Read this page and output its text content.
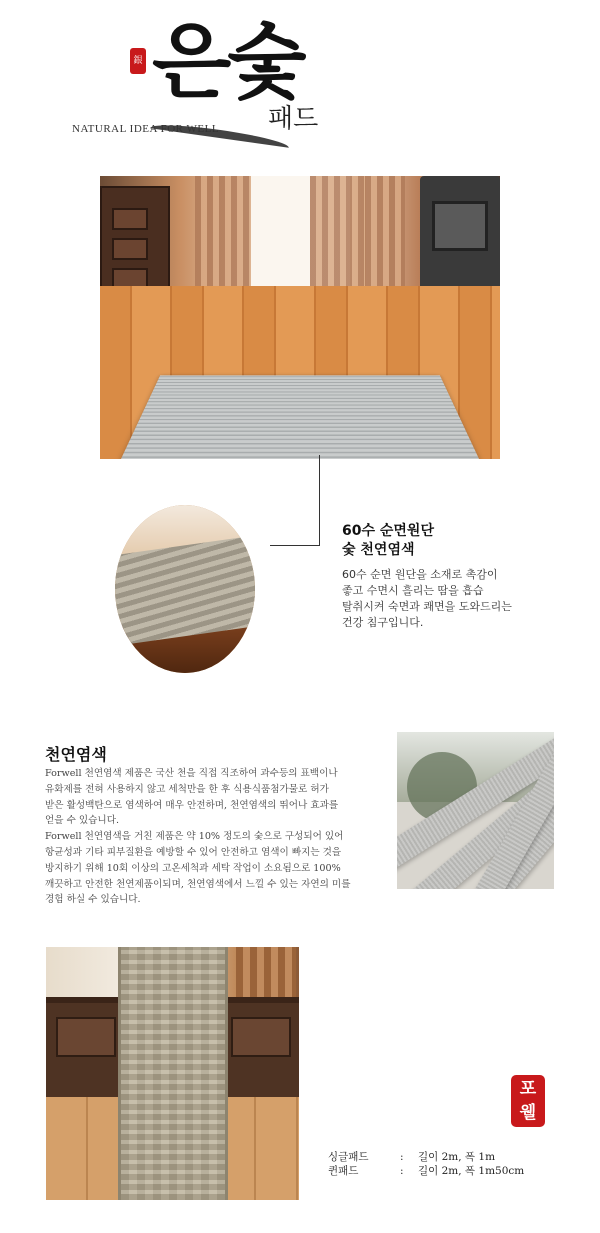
銀 은숯
NATURAL IDEA FOR WELL 패드
60수 순면원단
숯 천연염색
60수 순면 원단을 소재로 촉감이
좋고 수면시 흘리는 땀을 흡습
탈취시켜 숙면과 쾌면을 도와드리는
건강 침구입니다.
천연염색
Forwell 천연염색 제품은 국산 천을 직접 직조하여 과수등의 표백이나
유화제를 전혀 사용하지 않고 세척만을 한 후 식용식품첨가물로 허가
받은 활성백탄으로 염색하여 매우 안전하며, 천연염색의 뛰어나 효과를
얻을 수 있습니다.
Forwell 천연염색을 거친 제품은 약 10% 정도의 숯으로 구성되어 있어
항균성과 기타 피부질환을 예방할 수 있어 안전하고 염색이 빠지는 것을
방지하기 위해 10회 이상의 고온세척과 세탁 작업이 소요됨으로 100%
깨끗하고 안전한 천연제품이되며, 천연염색에서 느낄 수 있는 자연의 미를
경험 하실 수 있습니다.
포
웰
싱글패드	:	길이 2m, 폭 1m
퀸패드	:	길이 2m, 폭 1m50cm
